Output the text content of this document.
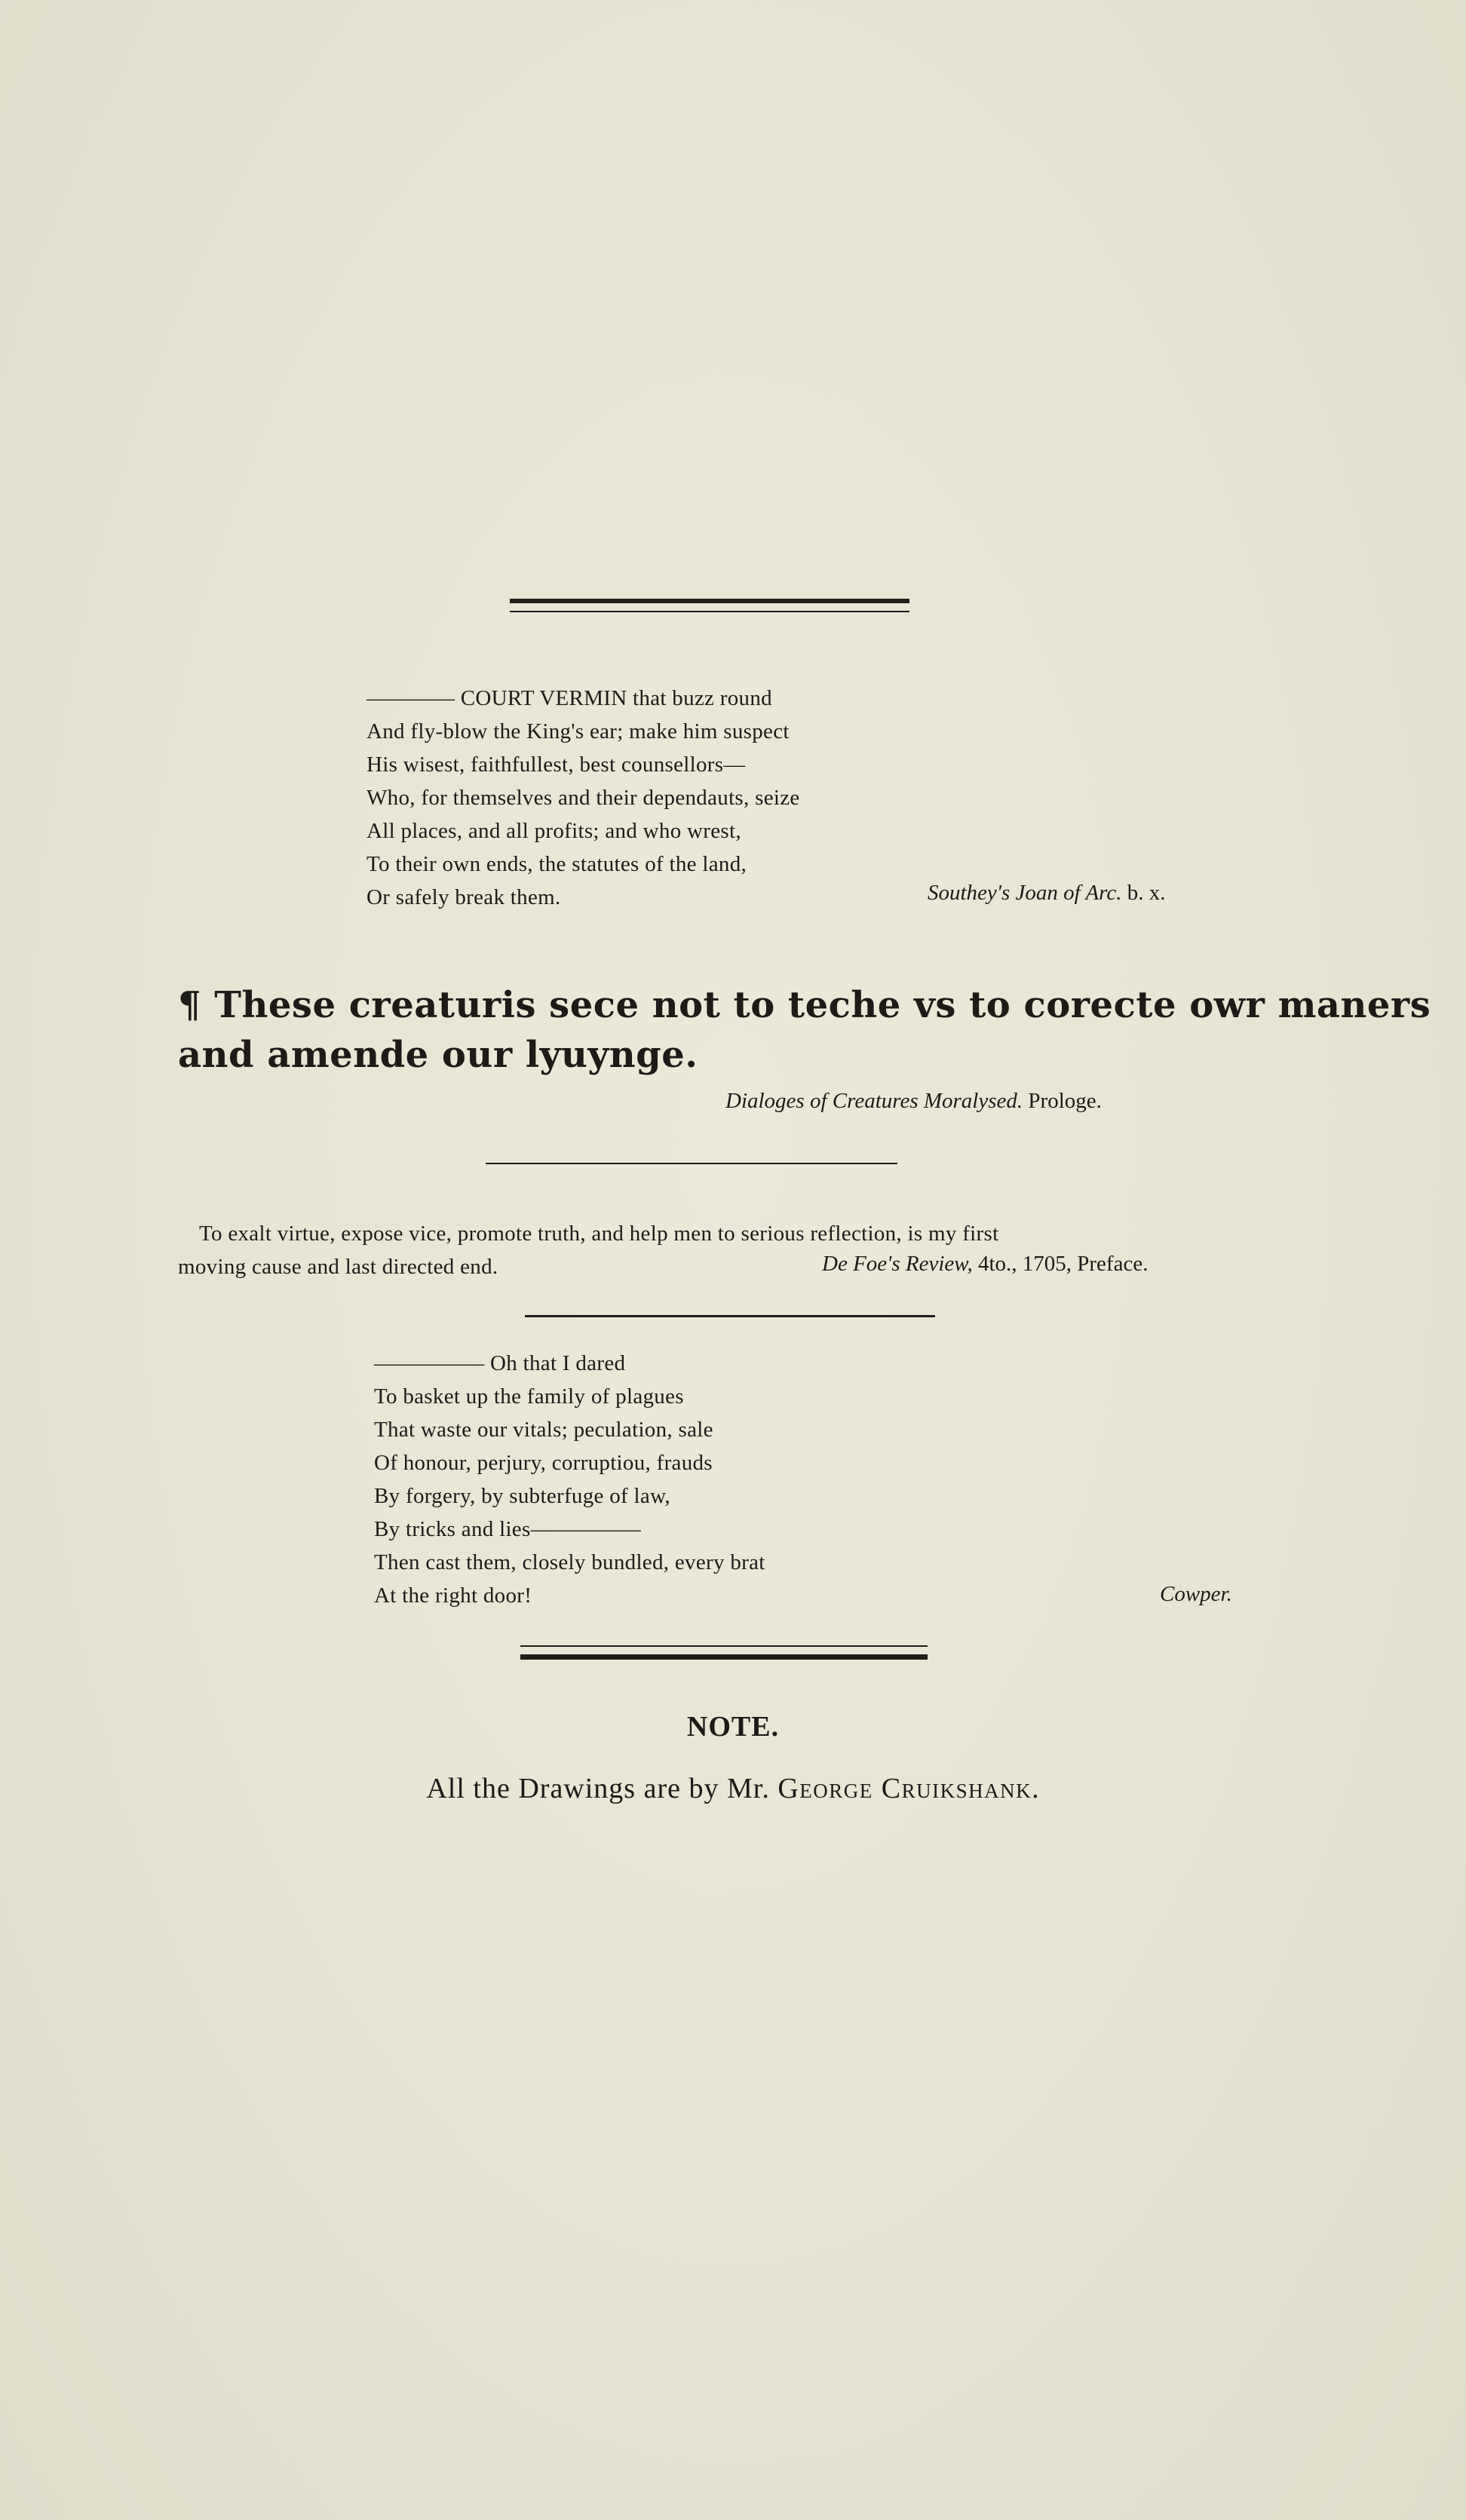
———— COURT VERMIN that buzz round
And fly-blow the King's ear; make him suspect
His wisest, faithfullest, best counsellors—
Who, for themselves and their dependauts, seize
All places, and all profits; and who wrest,
To their own ends, the statutes of the land,
Or safely break them.	Southey's Joan of Arc. b. x.
¶ These creaturis sece not to teche vs to corecte owr maners
and amende our lyuynge.
Dialoges of Creatures Moralysed. Prologe.
To exalt virtue, expose vice, promote truth, and help men to serious reflection, is my first
moving cause and last directed end.	De Foe's Review, 4to., 1705, Preface.
————— Oh that I dared
To basket up the family of plagues
That waste our vitals; peculation, sale
Of honour, perjury, corruptiou, frauds
By forgery, by subterfuge of law,
By tricks and lies—————
Then cast them, closely bundled, every brat
At the right door!	Cowper.
NOTE.
All the Drawings are by Mr. George Cruikshank.
